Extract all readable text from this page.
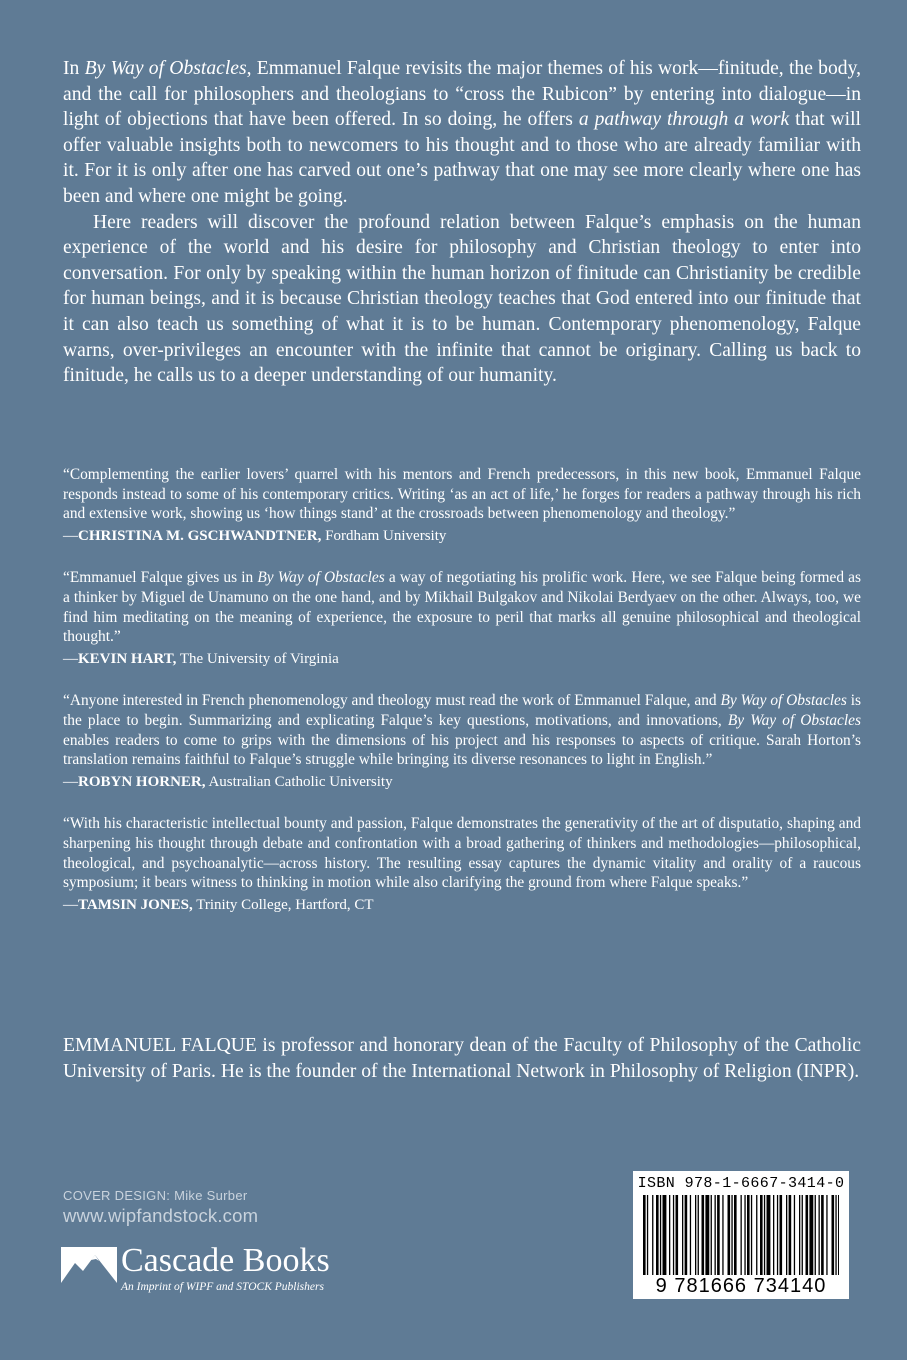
In By Way of Obstacles, Emmanuel Falque revisits the major themes of his work—finitude, the body, and the call for philosophers and theologians to “cross the Rubicon” by entering into dialogue—in light of objections that have been offered. In so doing, he offers a pathway through a work that will offer valuable insights both to newcomers to his thought and to those who are already familiar with it. For it is only after one has carved out one’s pathway that one may see more clearly where one has been and where one might be going.

Here readers will discover the profound relation between Falque’s emphasis on the human experience of the world and his desire for philosophy and Christian theology to enter into conversation. For only by speaking within the human horizon of finitude can Christianity be credible for human beings, and it is because Christian theology teaches that God entered into our finitude that it can also teach us something of what it is to be human. Contemporary phenomenology, Falque warns, over-privileges an encounter with the infinite that cannot be originary. Calling us back to finitude, he calls us to a deeper understanding of our humanity.

“Complementing the earlier lovers’ quarrel with his mentors and French predecessors, in this new book, Emmanuel Falque responds instead to some of his contemporary critics. Writing ‘as an act of life,’ he forges for readers a pathway through his rich and extensive work, showing us ‘how things stand’ at the crossroads between phenomenology and theology.”

—CHRISTINA M. GSCHWANDTNER, Fordham University

“Emmanuel Falque gives us in By Way of Obstacles a way of negotiating his prolific work. Here, we see Falque being formed as a thinker by Miguel de Unamuno on the one hand, and by Mikhail Bulgakov and Nikolai Berdyaev on the other. Always, too, we find him meditating on the meaning of experience, the exposure to peril that marks all genuine philosophical and theological thought.”

—KEVIN HART, The University of Virginia

“Anyone interested in French phenomenology and theology must read the work of Emmanuel Falque, and By Way of Obstacles is the place to begin. Summarizing and explicating Falque’s key questions, motivations, and innovations, By Way of Obstacles enables readers to come to grips with the dimensions of his project and his responses to aspects of critique. Sarah Horton’s translation remains faithful to Falque’s struggle while bringing its diverse resonances to light in English.”

—ROBYN HORNER, Australian Catholic University

“With his characteristic intellectual bounty and passion, Falque demonstrates the generativity of the art of disputatio, shaping and sharpening his thought through debate and confrontation with a broad gathering of thinkers and methodologies—philosophical, theological, and psychoanalytic—across history. The resulting essay captures the dynamic vitality and orality of a raucous symposium; it bears witness to thinking in motion while also clarifying the ground from where Falque speaks.”

—TAMSIN JONES, Trinity College, Hartford, CT

EMMANUEL FALQUE is professor and honorary dean of the Faculty of Philosophy of the Catholic University of Paris. He is the founder of the International Network in Philosophy of Religion (INPR).

COVER DESIGN: Mike Surber
www.wipfandstock.com
Cascade Books
An Imprint of WIPF and STOCK Publishers
ISBN 978-1-6667-3414-0
9 781666 734140
